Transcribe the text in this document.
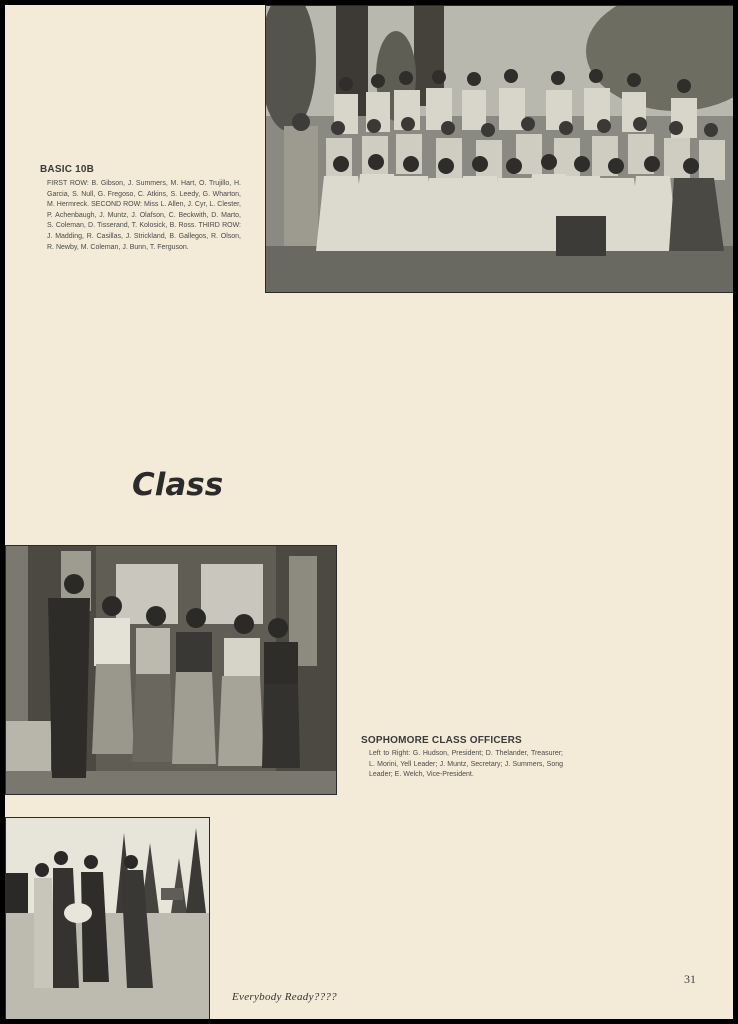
BASIC 10B

FIRST ROW: B. Gibson, J. Summers, M. Hart, O. Trujillo, H. Garcia, S. Null, G. Fregoso, C. Atkins, S. Leedy, G. Wharton, M. Hermreck. SECOND ROW: Miss L. Allen, J. Cyr, L. Clester, P. Achenbaugh, J. Muntz, J. Olafson, C. Beckwith, D. Marto, S. Coleman, D. Tisserand, T. Kolosick, B. Ross. THIRD ROW: J. Madding, R. Casillas, J. Strickland, B. Gallegos, R. Olson, R. Newby, M. Coleman, J. Bunn, T. Ferguson.

Class
SOPHOMORE CLASS OFFICERS

Left to Right: G. Hudson, President; D. Thelander, Treasurer; L. Morini, Yell Leader; J. Muntz, Secretary; J. Summers, Song Leader; E. Welch, Vice-President.

31
Everybody Ready????
